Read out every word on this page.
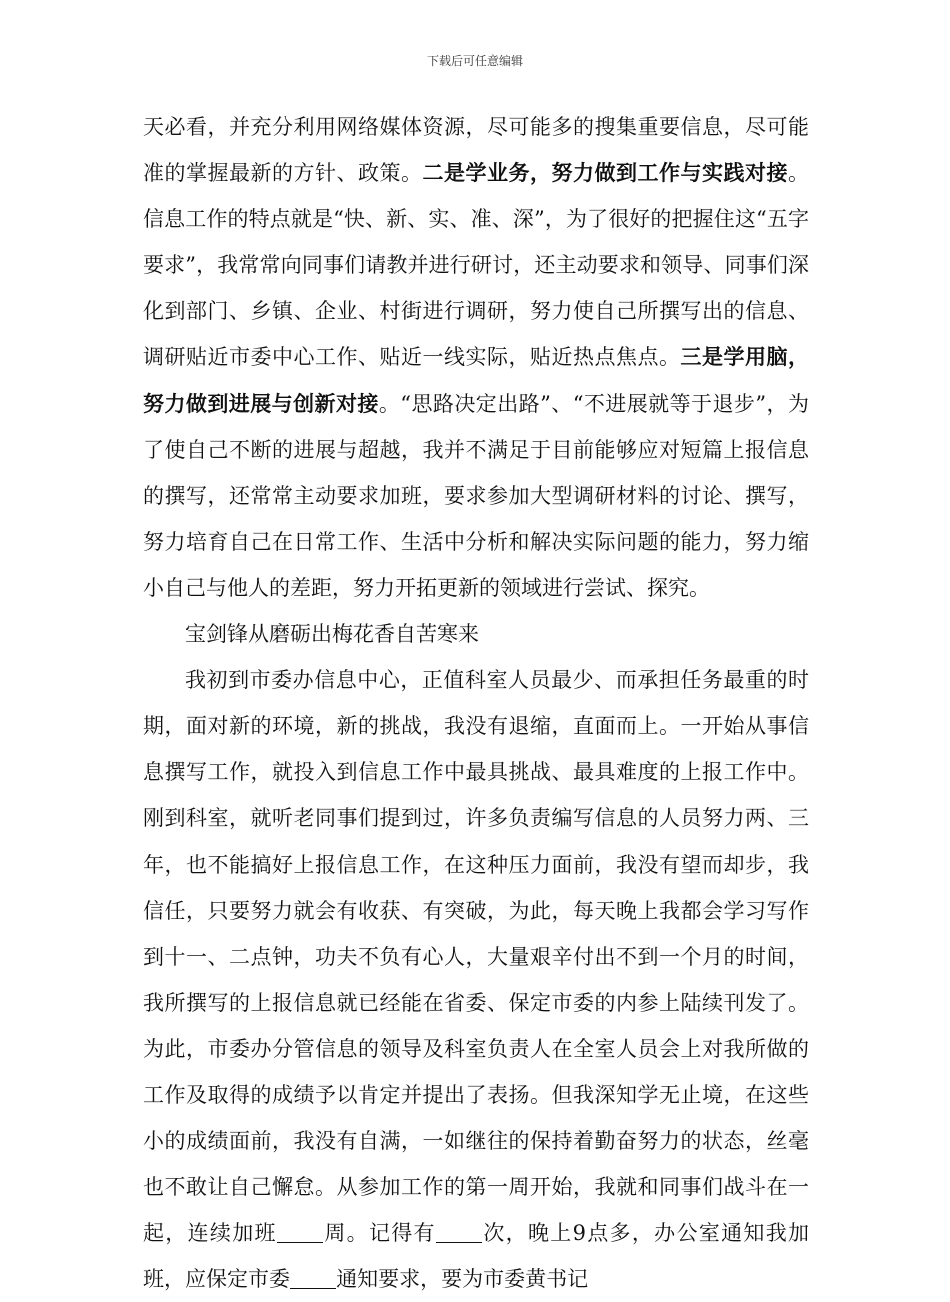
下载后可任意编辑

天必看，并充分利用网络媒体资源，尽可能多的搜集重要信息，尽可能准的掌握最新的方针、政策。二是学业务，努力做到工作与实践对接。信息工作的特点就是“快、新、实、准、深”，为了很好的把握住这“五字要求”，我常常向同事们请教并进行研讨，还主动要求和领导、同事们深化到部门、乡镇、企业、村街进行调研，努力使自己所撰写出的信息、调研贴近市委中心工作、贴近一线实际，贴近热点焦点。三是学用脑，努力做到进展与创新对接。“思路决定出路”、“不进展就等于退步”，为了使自己不断的进展与超越，我并不满足于目前能够应对短篇上报信息的撰写，还常常主动要求加班，要求参加大型调研材料的讨论、撰写，努力培育自己在日常工作、生活中分析和解决实际问题的能力，努力缩小自己与他人的差距，努力开拓更新的领域进行尝试、探究。

宝剑锋从磨砺出梅花香自苦寒来

我初到市委办信息中心，正值科室人员最少、而承担任务最重的时期，面对新的环境，新的挑战，我没有退缩，直面而上。一开始从事信息撰写工作，就投入到信息工作中最具挑战、最具难度的上报工作中。刚到科室，就听老同事们提到过，许多负责编写信息的人员努力两、三年，也不能搞好上报信息工作，在这种压力面前，我没有望而却步，我信任，只要努力就会有收获、有突破，为此，每天晚上我都会学习写作到十一、二点钟，功夫不负有心人，大量艰辛付出不到一个月的时间，我所撰写的上报信息就已经能在省委、保定市委的内参上陆续刊发了。为此，市委办分管信息的领导及科室负责人在全室人员会上对我所做的工作及取得的成绩予以肯定并提出了表扬。但我深知学无止境，在这些小的成绩面前，我没有自满，一如继往的保持着勤奋努力的状态，丝毫也不敢让自己懈怠。从参加工作的第一周开始，我就和同事们战斗在一起，连续加班 周。记得有 次，晚上9点多，办公室通知我加班，应保定市委 通知要求，要为市委黄书记
